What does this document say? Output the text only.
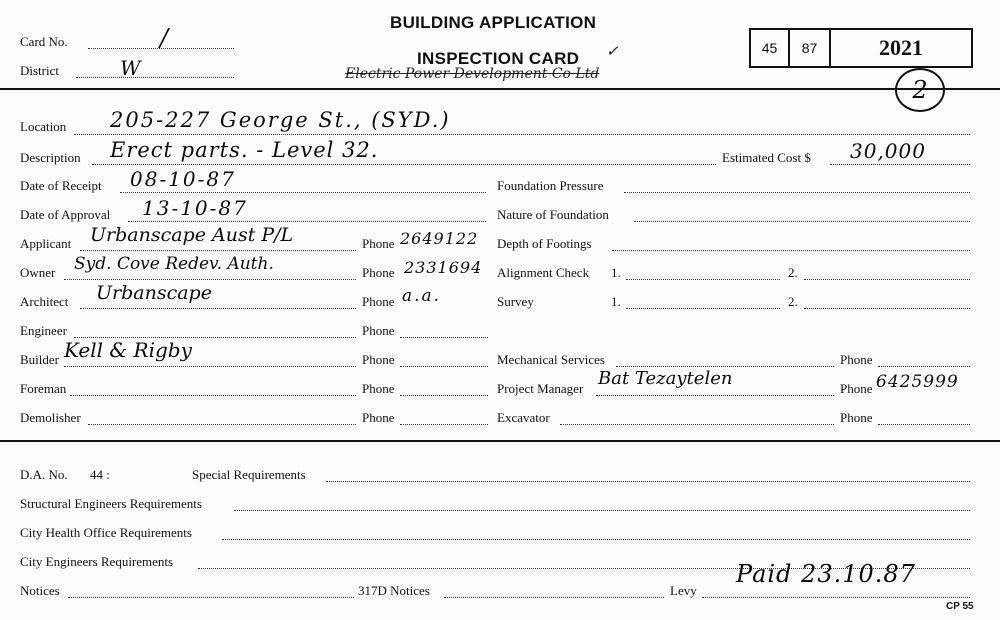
Card No.	/
District	W
BUILDING APPLICATION
INSPECTION CARD ✓	45 87	2021
Electric Power Development Co Ltd
2
Location 205-227 George St., (SYD.)
Description Erect parts. - Level 32.	Estimated Cost $ 30,000
Date of Receipt 08-10-87	Foundation Pressure
Date of Approval 13-10-87	Nature of Foundation
Applicant Urbanscape Aust P/L	Phone 2649122 Depth of Footings
Owner Syd. Cove Redev. Auth.	Phone 2331694 Alignment Check 1.	2.
Architect Urbanscape	Phone a.a.	Survey	1.	2.
Engineer	Phone
Builder Kell & Rigby	Phone	Mechanical Services	Phone
Foreman	Phone	Project Manager Bat Tezaytelen	Phone 6425999
Demolisher	Phone	Excavator	Phone
D.A. No. 44 :	Special Requirements
Structural Engineers Requirements
City Health Office Requirements
City Engineers Requirements
Notices	317D Notices	Levy
Paid 23.10.87
CP 55
